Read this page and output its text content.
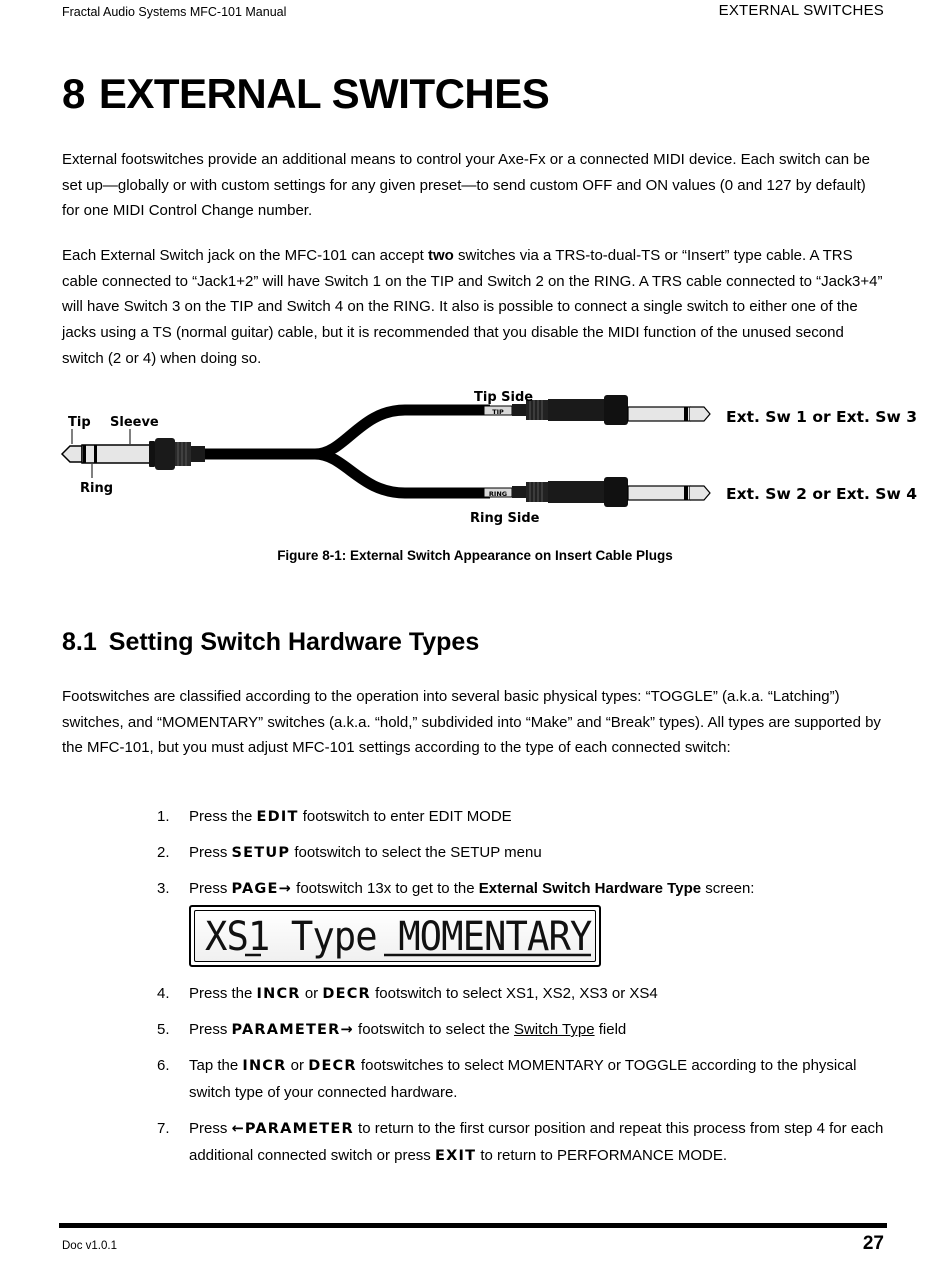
Fractal Audio Systems MFC-101 Manual	EXTERNAL SWITCHES
8 EXTERNAL SWITCHES

External footswitches provide an additional means to control your Axe-Fx or a connected MIDI device. Each switch can be set up—globally or with custom settings for any given preset—to send custom OFF and ON values (0 and 127 by default) for one MIDI Control Change number.

Each External Switch jack on the MFC-101 can accept two switches via a TRS-to-dual-TS or “Insert” type cable. A TRS cable connected to “Jack1+2” will have Switch 1 on the TIP and Switch 2 on the RING. A TRS cable connected to “Jack3+4” will have Switch 3 on the TIP and Switch 4 on the RING. It also is possible to connect a single switch to either one of the jacks using a TS (normal guitar) cable, but it is recommended that you disable the MIDI function of the unused second switch (2 or 4) when doing so.

TIP
RING
Tip Sleeve
Ring
Tip Side
Ring Side
Ext. Sw 1 or Ext. Sw 3
Ext. Sw 2 or Ext. Sw 4
Figure 8-1: External Switch Appearance on Insert Cable Plugs
8.1 Setting Switch Hardware Types

Footswitches are classified according to the operation into several basic physical types: “TOGGLE” (a.k.a. “Latching”) switches, and “MOMENTARY” switches (a.k.a. “hold,” subdivided into “Make” and “Break” types). All types are supported by the MFC-101, but you must adjust MFC-101 settings according to the type of each connected switch:

1.	Press the EDIT footswitch to enter EDIT MODE
2.	Press SETUP footswitch to select the SETUP menu
3.	Press PAGE→ footswitch 13x to get to the External Switch Hardware Type screen:
XS1 Type MOMENTARY
4.	Press the INCR or DECR footswitch to select XS1, XS2, XS3 or XS4
5.	Press PARAMETER→ footswitch to select the Switch Type field
6.	Tap the INCR or DECR footswitches to select MOMENTARY or TOGGLE according to the physical switch type of your connected hardware.
7.	Press ←PARAMETER to return to the first cursor position and repeat this process from step 4 for each additional connected switch or press EXIT to return to PERFORMANCE MODE.
Doc v1.0.1	27
